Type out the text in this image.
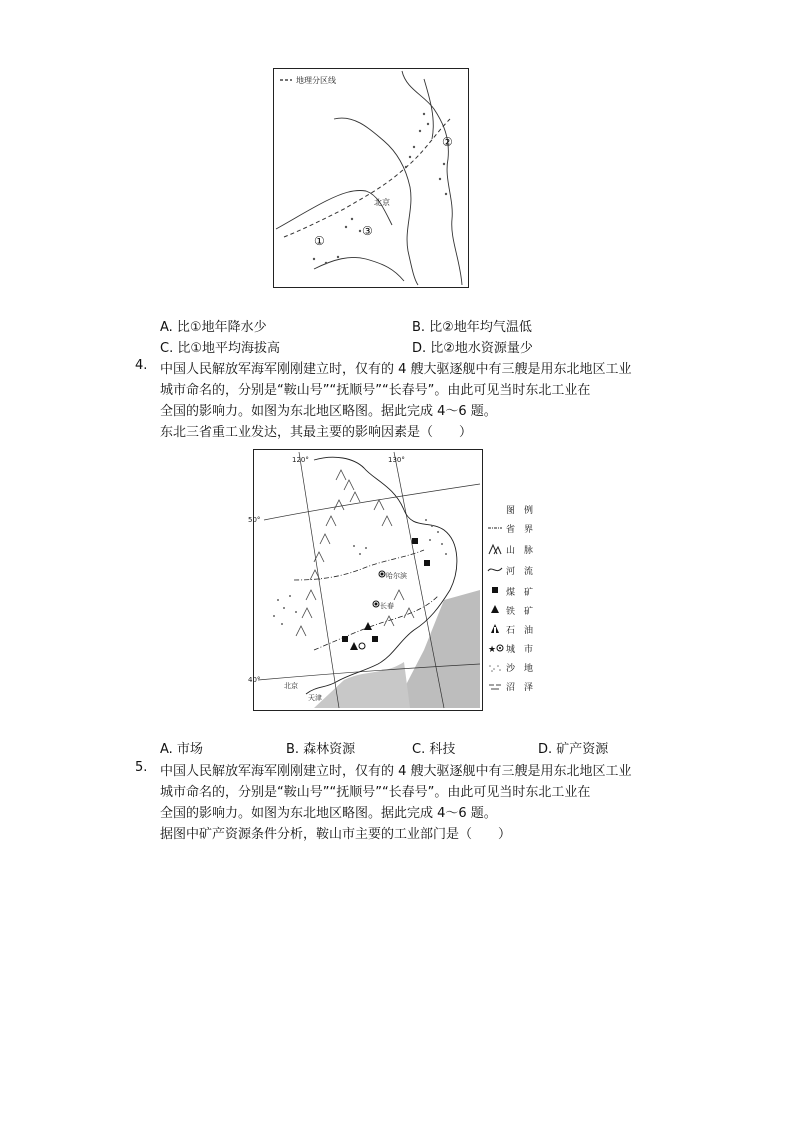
地理分区线
②
①
③
北京
A. 比①地年降水少	B. 比②地年均气温低
C. 比①地平均海拔高	D. 比②地水资源量少
4. 中国人民解放军海军刚刚建立时，仅有的 4 艘大驱逐舰中有三艘是用东北地区工业
城市命名的，分别是“鞍山号”“抚顺号”“长春号”。由此可见当时东北工业在
全国的影响力。如图为东北地区略图。据此完成 4～6 题。
东北三省重工业发达，其最主要的影响因素是（　　）
120°	130°
50°
40°
哈尔滨
长春
北京
天津
图　例
省　界
山　脉
河　流
煤　矿
铁　矿
石　油
★ 城　市
沙　地
沼　泽
A. 市场	B. 森林资源	C. 科技	D. 矿产资源
5. 中国人民解放军海军刚刚建立时，仅有的 4 艘大驱逐舰中有三艘是用东北地区工业
城市命名的，分别是“鞍山号”“抚顺号”“长春号”。由此可见当时东北工业在
全国的影响力。如图为东北地区略图。据此完成 4～6 题。
据图中矿产资源条件分析，鞍山市主要的工业部门是（　　）
